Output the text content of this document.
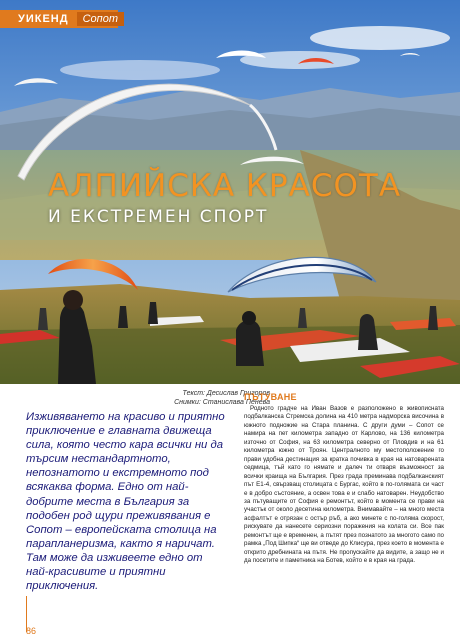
УИКЕНД	Сопот
АЛПИЙСКА КРАСОТА
И ЕКСТРЕМЕН СПОРТ
Текст: Десислав Григоров
Снимки: Станислава Пенева

Изживяването на красиво и приятно приключение е главната движеща сила, която често кара всички ни да търсим нестандартното, непознатото и екстремното под всякаква форма. Едно от най-добрите места в България за подобен род щури преживявания е Сопот – европейската столица на парапланеризма, както я наричат. Там може да изживеете едно от най-красивите и приятни приключения.

ПЪТУВАНЕ

Родното градче на Иван Вазов е разположено в живописната подбалканска Стремска долина на 410 метра надморска височина в южното подножие на Стара планина. С други думи – Сопот се намира на пет километра западно от Карлово, на 136 километра източно от София, на 63 километра северно от Пловдив и на 61 километра южно от Троян. Централното му местоположение го прави удобна дестинация за кратка почивка в края на натоварената седмица, тъй като го нямате и далеч ти отваря възможност за всички краища на България. През града преминава подбалканският път Е1-4, свързващ столицата с Бургас, който в по-голямата си част е в добро състояние, а освен това е и слабо натоварен. Неудобство за пътуващите от София е ремонтът, който в момента се прави на участък от около десетина километра. Внимавайте – на много места асфалтът е отрязан с остър ръб, а ако минете с по-голяма скорост, рискувате да нанесете сериозни поражения на колата си. Все пак ремонтът ще е временен, а пътят през познатото за многото само по рамка „Под Шипка“ ще ви отведе до Клисура, през което в момента е открито дребнината на пътя. Не пропускайте да видите, а защо не и да посетите и паметника на Ботев, който е в края на града.

86
